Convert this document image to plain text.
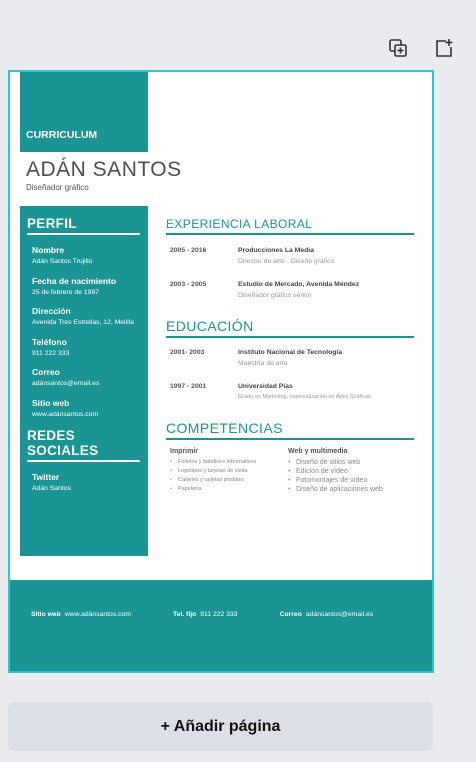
CURRICULUM
ADÁN SANTOS
Diseñador gráfico
PERFIL
Nombre
Adán Santos Trujillo
Fecha de nacimiento
25 de febrero de 1987
Dirección
Avenida Tres Estrellas, 12, Melilla
Teléfono
911 222 333
Correo
adánsantos@email.es
Sitio web
www.adánsantos.com
REDES SOCIALES
Twitter
Adán Santos
EXPERIENCIA LABORAL
2005 - 2016	Producciones La Media
Director de arte · Diseño gráfico
2003 - 2005	Estudio de Mercado, Avenida Méndez
Diseñador gráfico sénior
EDUCACIÓN
2001- 2003	Instituto Nacional de Tecnología
Maestría de arte
1997 - 2001	Universidad Pías
Grado en Marketing, especialización en Artes Gráficas
COMPETENCIAS
Imprimir
• Folletos y boletines informativos
• Logotipos y tarjetas de visita
• Carteles y tarjetas postales
• Papelería
Web y multimedia
• Diseño de sitios web
• Edición de vídeo
• Fotomontajes de vídeo
• Diseño de aplicaciones web
Sitio web www.adánsantos.com	Tel. fijo 911 222 333	Correo adánsantos@email.es
+ Añadir página
